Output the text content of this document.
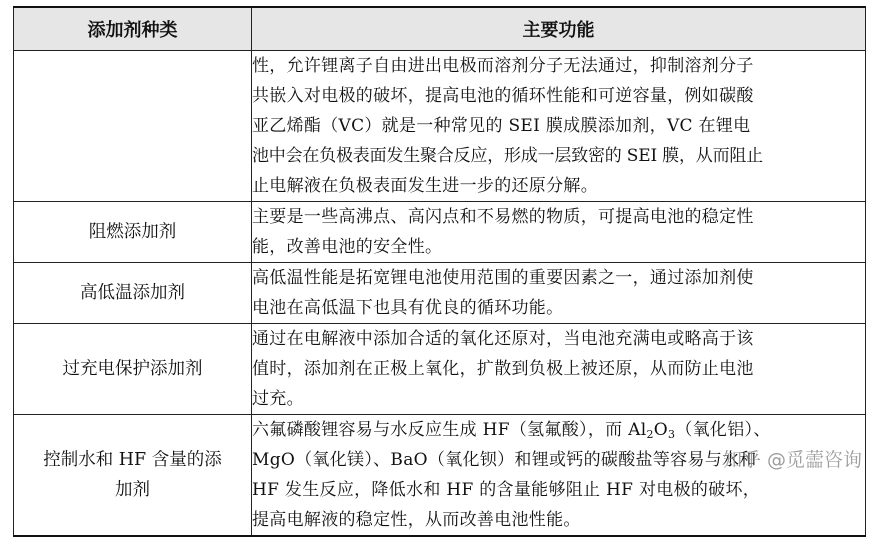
添加剂种类	主要功能

	性，允许锂离子自由进出电极而溶剂分子无法通过，抑制溶剂分子
共嵌入对电极的破坏，提高电池的循环性能和可逆容量，例如碳酸
亚乙烯酯（VC）就是一种常见的 SEI 膜成膜添加剂，VC 在锂电
池中会在负极表面发生聚合反应，形成一层致密的 SEI 膜，从而阻止
止电解液在负极表面发生进一步的还原分解。

阻燃添加剂	主要是一些高沸点、高闪点和不易燃的物质，可提高电池的稳定性
能，改善电池的安全性。

高低温添加剂	高低温性能是拓宽锂电池使用范围的重要因素之一，通过添加剂使
电池在高低温下也具有优良的循环功能。

过充电保护添加剂	通过在电解液中添加合适的氧化还原对，当电池充满电或略高于该
值时，添加剂在正极上氧化，扩散到负极上被还原，从而防止电池
过充。

控制水和 HF 含量的添
加剂	六氟磷酸锂容易与水反应生成 HF（氢氟酸），而 $Al_2O_3$（氧化铝）、
MgO（氧化镁）、BaO（氧化钡）和锂或钙的碳酸盐等容易与水和
HF 发生反应，降低水和 HF 的含量能够阻止 HF 对电极的破坏，
提高电解液的稳定性，从而改善电池性能。
知乎 @觅蘦咨询
